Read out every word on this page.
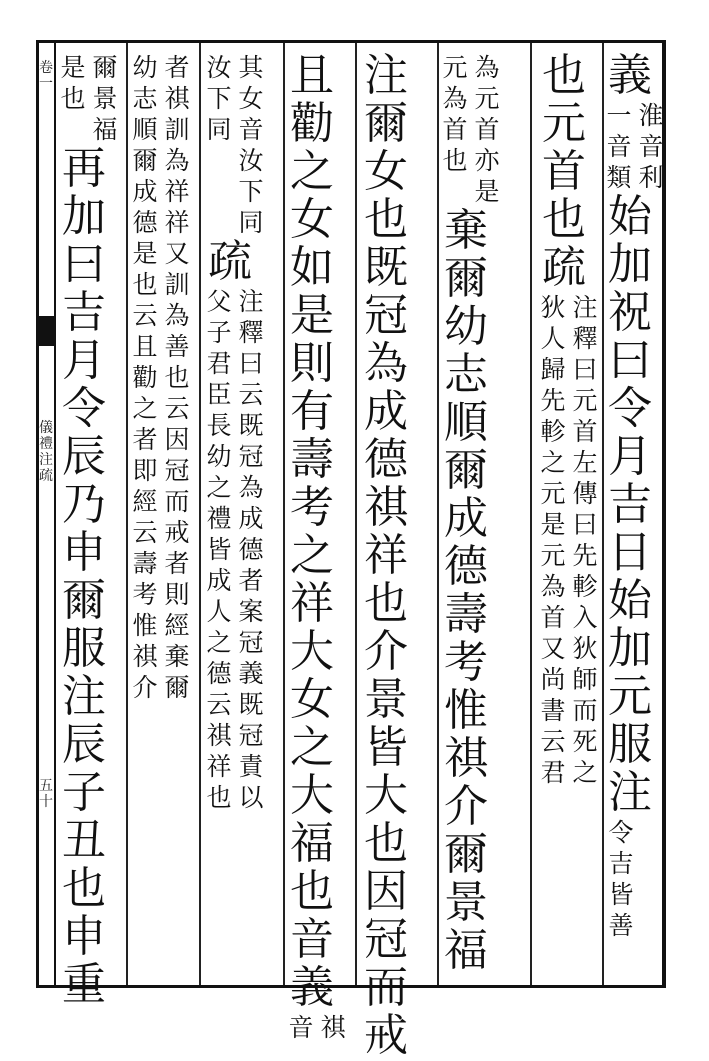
義
淮
音
利
一
音
類
始
加
祝
曰
令
月
吉
日
始
加
元
服
注
令
吉
皆
善
也
元
首
也
疏
注
釋
曰
元
首
左
傳
曰
先
軫
入
狄
師
而
死
之
狄
人
歸
先
軫
之
元
是
元
為
首
又
尚
書
云
君
為
元
首
亦
是
元
為
首
也
棄
爾
幼
志
順
爾
成
德
壽
考
惟
祺
介
爾
景
福
注
爾
女
也
既
冠
為
成
德
祺
祥
也
介
景
皆
大
也
因
冠
而
戒
且
勸
之
女
如
是
則
有
壽
考
之
祥
大
女
之
大
福
也
音
義
祺
音
其
女
音
汝
下
同
汝
下
同
疏
注
釋
曰
云
既
冠
為
成
德
者
案
冠
義
既
冠
責
以
父
子
君
臣
長
幼
之
禮
皆
成
人
之
德
云
祺
祥
也
者
祺
訓
為
祥
祥
又
訓
為
善
也
云
因
冠
而
戒
者
則
經
棄
爾
幼
志
順
爾
成
德
是
也
云
且
勸
之
者
即
經
云
壽
考
惟
祺
介
爾
景
福
是
也
再
加
曰
吉
月
令
辰
乃
申
爾
服
注
辰
子
丑
也
申
重
卷
一
儀
禮
注
疏
五
十
